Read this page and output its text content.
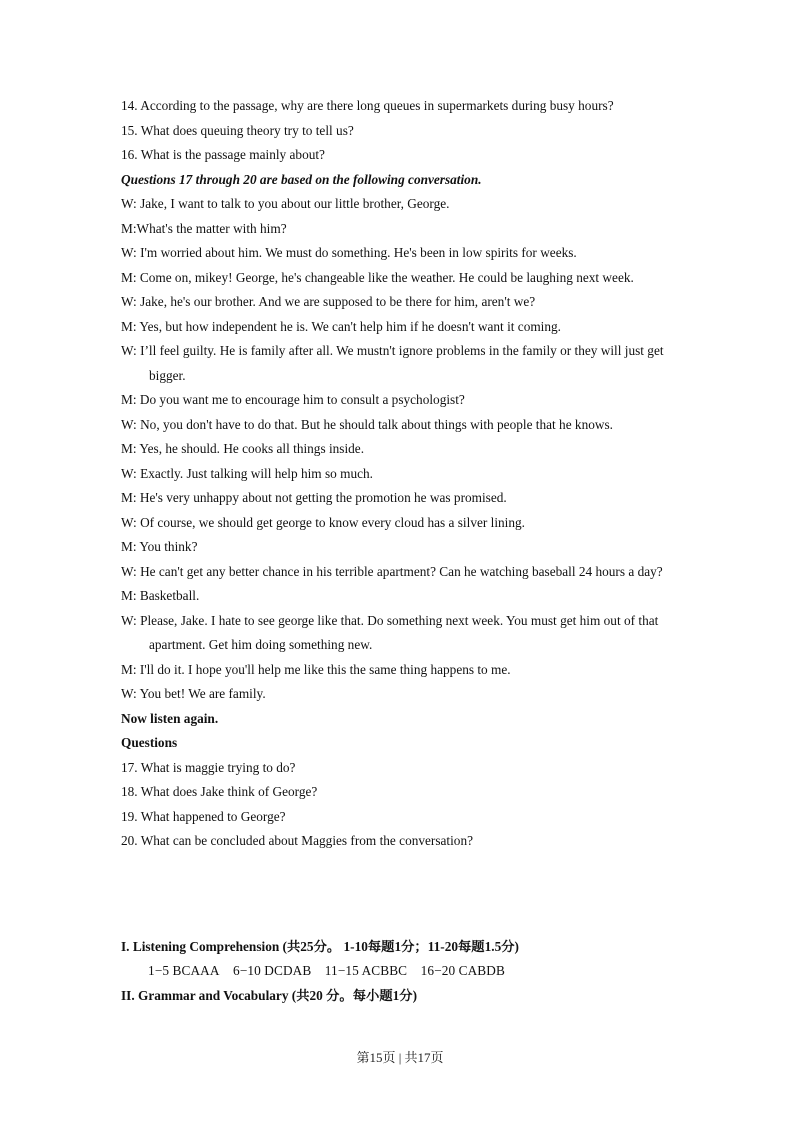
14. According to the passage, why are there long queues in supermarkets during busy hours?
15. What does queuing theory try to tell us?
16. What is the passage mainly about?
Questions 17 through 20 are based on the following conversation.
W: Jake, I want to talk to you about our little brother, George.
M:What's the matter with him?
W: I'm worried about him. We must do something. He's been in low spirits for weeks.
M: Come on, mikey! George, he's changeable like the weather. He could be laughing next week.
W: Jake, he's our brother. And we are supposed to be there for him, aren't we?
M: Yes, but how independent he is. We can't help him if he doesn't want it coming.
W: I’ll feel guilty. He is family after all. We mustn't ignore problems in the family or they will just get bigger.
M: Do you want me to encourage him to consult a psychologist?
W: No, you don't have to do that. But he should talk about things with people that he knows.
M: Yes, he should. He cooks all things inside.
W: Exactly. Just talking will help him so much.
M: He's very unhappy about not getting the promotion he was promised.
W: Of course, we should get george to know every cloud has a silver lining.
M: You think?
W: He can't get any better chance in his terrible apartment? Can he watching baseball 24 hours a day?
M: Basketball.
W: Please, Jake. I hate to see george like that. Do something next week. You must get him out of that apartment. Get him doing something new.
M: I'll do it. I hope you'll help me like this the same thing happens to me.
W: You bet! We are family.
Now listen again.
Questions
17. What is maggie trying to do?
18. What does Jake think of George?
19. What happened to George?
20. What can be concluded about Maggies from the conversation?
I. Listening Comprehension (共25分。 1-10每题1分；11-20每题1.5分)
1−5 BCAAA 6−10 DCDAB 11−15 ACBBC 16−20 CABDB
II. Grammar and Vocabulary (共20 分。每小题1分)
第15页 | 共17页
